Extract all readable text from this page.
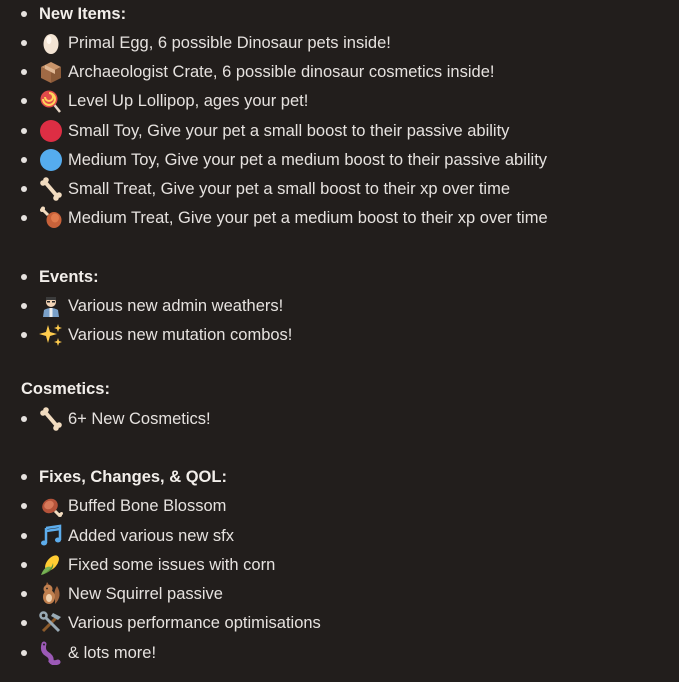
New Items:
Primal Egg, 6 possible Dinosaur pets inside!
Archaeologist Crate, 6 possible dinosaur cosmetics inside!
Level Up Lollipop, ages your pet!
Small Toy, Give your pet a small boost to their passive ability
Medium Toy, Give your pet a medium boost to their passive ability
Small Treat, Give your pet a small boost to their xp over time
Medium Treat, Give your pet a medium boost to their xp over time
Events:
Various new admin weathers!
Various new mutation combos!
Cosmetics:
6+ New Cosmetics!
Fixes, Changes, & QOL:
Buffed Bone Blossom
Added various new sfx
Fixed some issues with corn
New Squirrel passive
Various performance optimisations
& lots more!
